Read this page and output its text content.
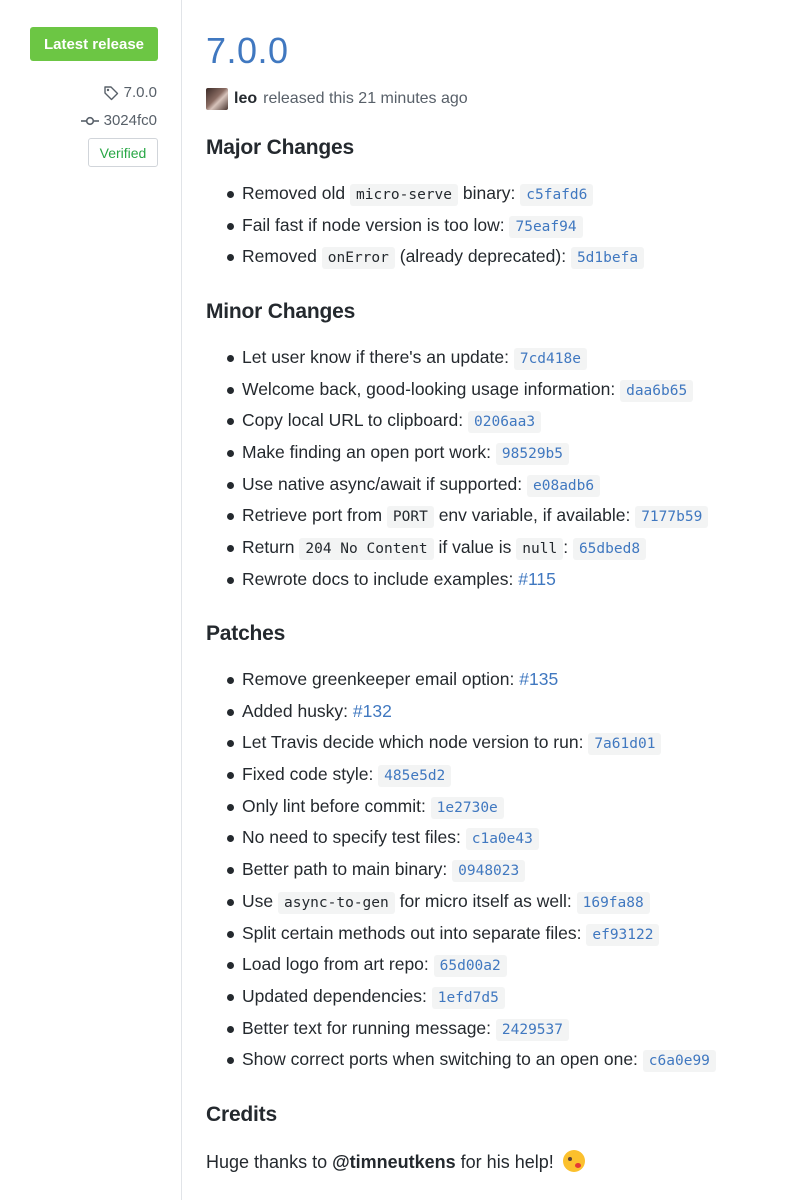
Latest release
7.0.0
3024fc0
Verified
7.0.0
leo released this 21 minutes ago
Major Changes
Removed old micro-serve binary: c5fafd6
Fail fast if node version is too low: 75eaf94
Removed onError (already deprecated): 5d1befa
Minor Changes
Let user know if there's an update: 7cd418e
Welcome back, good-looking usage information: daa6b65
Copy local URL to clipboard: 0206aa3
Make finding an open port work: 98529b5
Use native async/await if supported: e08adb6
Retrieve port from PORT env variable, if available: 7177b59
Return 204 No Content if value is null : 65dbed8
Rewrote docs to include examples: #115
Patches
Remove greenkeeper email option: #135
Added husky: #132
Let Travis decide which node version to run: 7a61d01
Fixed code style: 485e5d2
Only lint before commit: 1e2730e
No need to specify test files: c1a0e43
Better path to main binary: 0948023
Use async-to-gen for micro itself as well: 169fa88
Split certain methods out into separate files: ef93122
Load logo from art repo: 65d00a2
Updated dependencies: 1efd7d5
Better text for running message: 2429537
Show correct ports when switching to an open one: c6a0e99
Credits

Huge thanks to @timneutkens for his help!
